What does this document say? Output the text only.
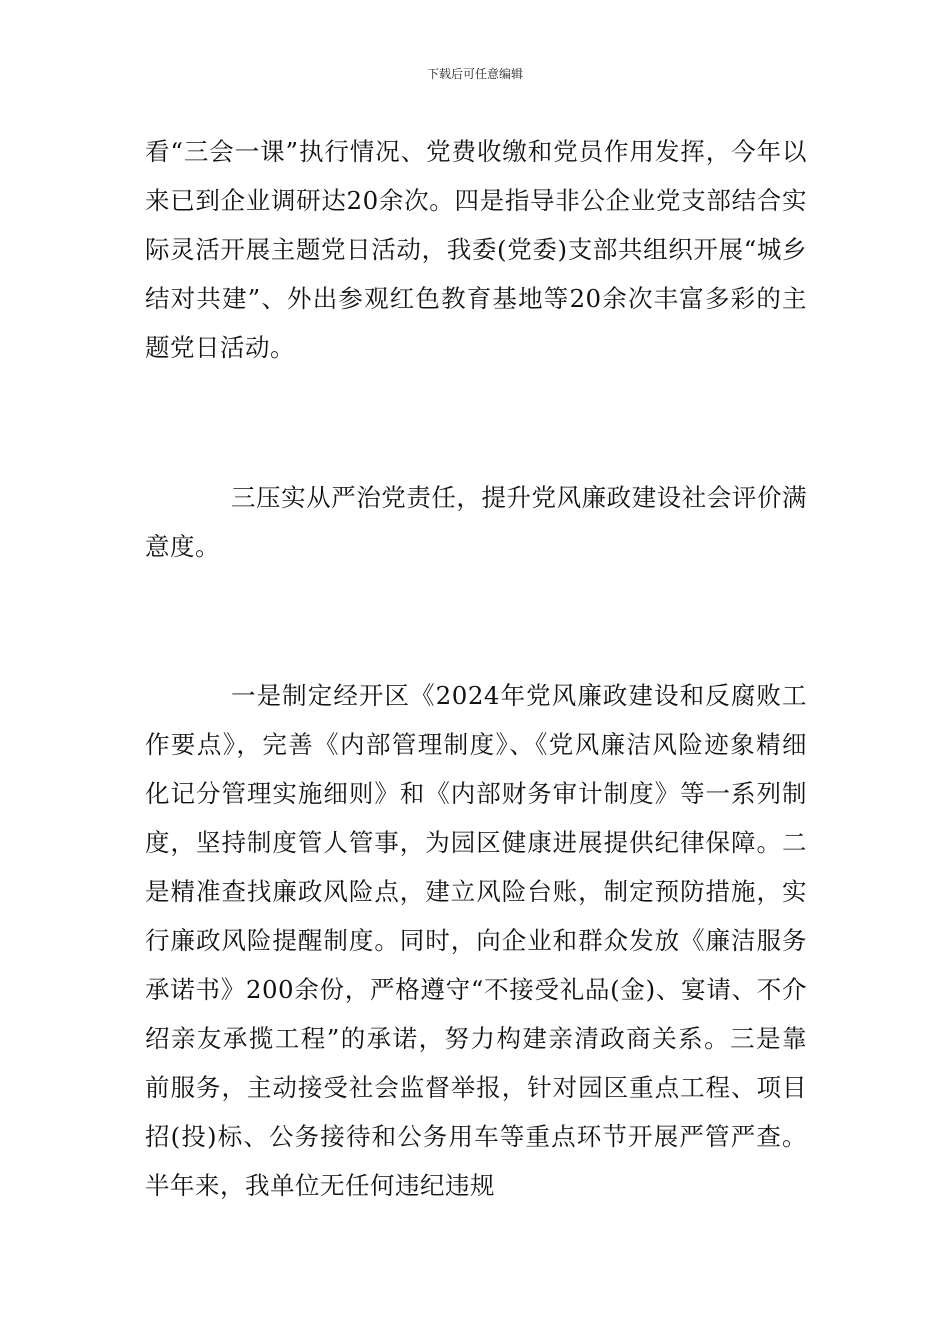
下载后可任意编辑

看“三会一课”执行情况、党费收缴和党员作用发挥，今年以来已到企业调研达20余次。四是指导非公企业党支部结合实际灵活开展主题党日活动，我委(党委)支部共组织开展“城乡结对共建”、外出参观红色教育基地等20余次丰富多彩的主题党日活动。

三压实从严治党责任，提升党风廉政建设社会评价满意度。

一是制定经开区《2024年党风廉政建设和反腐败工作要点》，完善《内部管理制度》、《党风廉洁风险迹象精细化记分管理实施细则》和《内部财务审计制度》等一系列制度，坚持制度管人管事，为园区健康进展提供纪律保障。二是精准查找廉政风险点，建立风险台账，制定预防措施，实行廉政风险提醒制度。同时，向企业和群众发放《廉洁服务承诺书》200余份，严格遵守“不接受礼品(金)、宴请、不介绍亲友承揽工程”的承诺，努力构建亲清政商关系。三是靠前服务，主动接受社会监督举报，针对园区重点工程、项目招(投)标、公务接待和公务用车等重点环节开展严管严查。半年来，我单位无任何违纪违规
